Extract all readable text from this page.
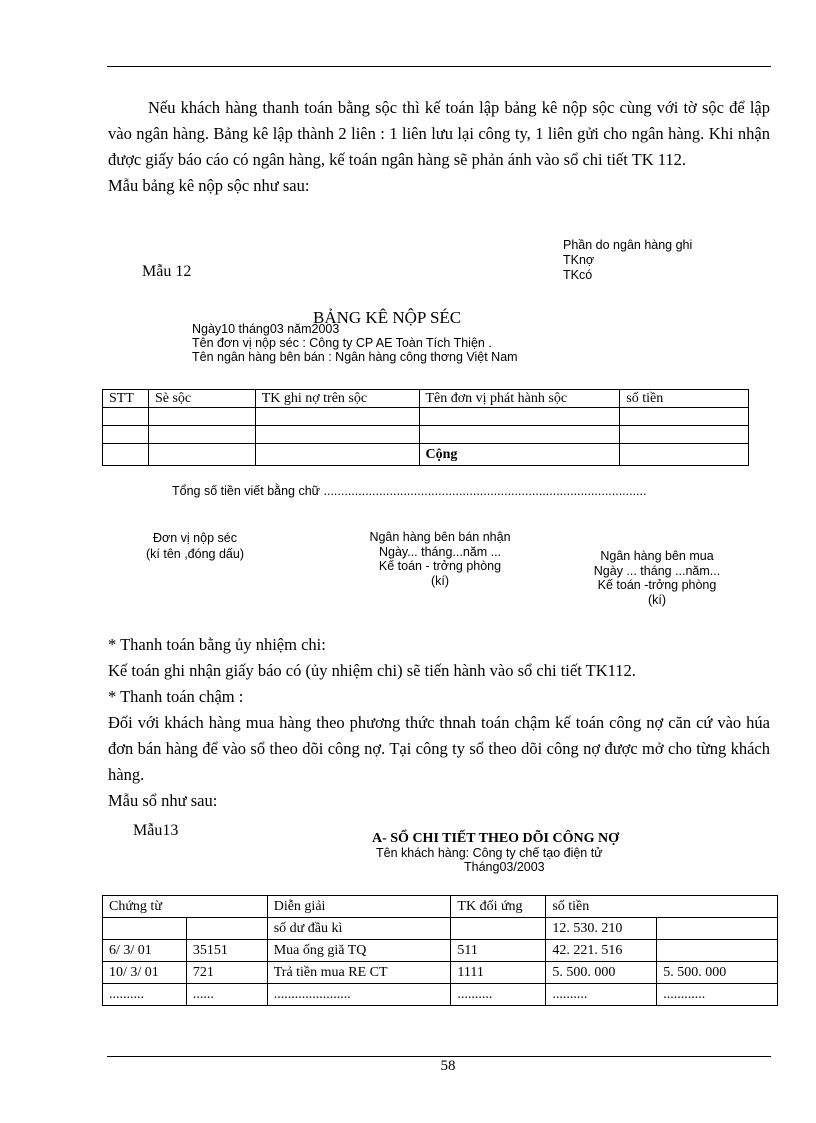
Nếu khách hàng thanh toán bằng sộc thì kế toán lập bảng kê nộp sộc cùng với tờ sộc để lập vào ngân hàng. Bảng kê lập thành 2 liên : 1 liên lưu lại công ty, 1 liên gửi cho ngân hàng. Khi nhận được giấy báo cáo có ngân hàng, kế toán ngân hàng sẽ phản ánh vào sổ chi tiết TK 112.

Mẫu bảng kê nộp sộc như sau:

Mẫu 12
Phần do ngân hàng ghi
TKnợ
TKcó
BẢNG KÊ NỘP SÉC
Ngày10 tháng03 năm2003
Tên đơn vị nộp séc : Công ty CP AE Toàn Tích Thiện .
Tên ngân hàng bên bán : Ngân hàng công thơng Việt Nam
STT	Sè sộc	TK ghi nợ trên sộc	Tên đơn vị phát hành sộc	số tiền

			Cộng	
Tổng số tiền viết bằng chữ .............................................................................................
Đơn vị nộp séc
(kí tên ,đóng dấu)
Ngân hàng bên bán nhận
Ngày... tháng...năm ...
Kế toán - trởng phòng
(kí)
Ngân hàng bên mua
Ngày ... tháng ...năm...
Kế toán -trởng phòng
(kí)

* Thanh toán bằng ủy nhiệm chi:

Kế toán ghi nhận giấy báo có (ủy nhiệm chi) sẽ tiến hành vào sổ chi tiết TK112.

* Thanh toán chậm :

Đối với khách hàng mua hàng theo phương thức thnah toán chậm kế toán công nợ căn cứ vào húa đơn bán hàng để vào sổ theo dõi công nợ. Tại công ty sổ theo dõi công nợ được mở cho từng khách hàng.

Mẫu sổ như sau:

Mẫu13	A- SỔ CHI TIẾT THEO DÕI CÔNG NỢ
Tên khách hàng: Công ty chế tạo điện tử
Tháng03/2003
Chứng từ		Diễn giải	TK đối ứng	số tiền	
		số dư đầu kì		12. 530. 210	
6/ 3/ 01	35151	Mua ống giă TQ	511	42. 221. 516	
10/ 3/ 01	721	Trả tiền mua RE CT	1111	5. 500. 000	5. 500. 000
..........	......	......................	..........	..........	............
58
